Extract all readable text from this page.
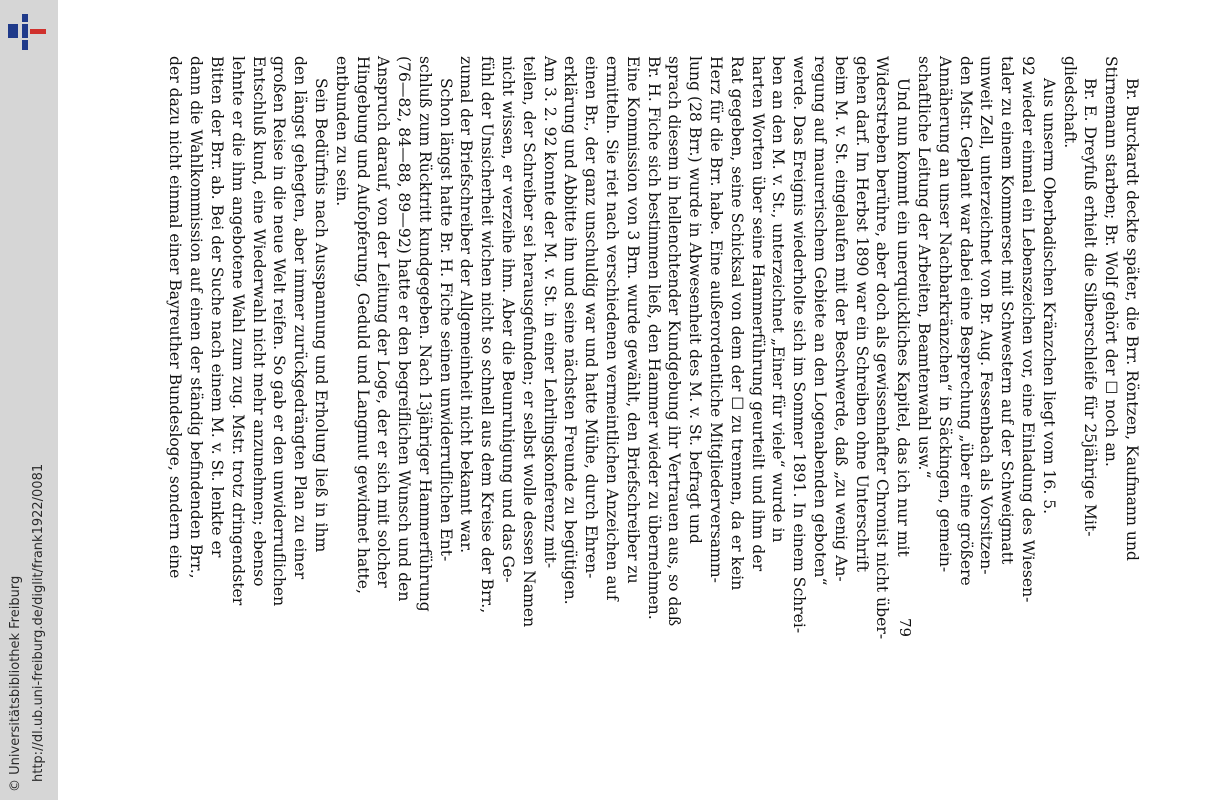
http://dl.ub.uni-freiburg.de/diglit/frank1922/0081
© Universitätsbibliothek Freiburg

Br. Burckardt deckte später, die Brr. Röntzen, Kaufmann und
Stirnemann starben; Br. Wolf gehört der ☐ noch an.

Br. E. Dreyfuß erhielt die Silberschleife für 25jährige Mit-
gliedschaft.

Aus unserm Oberbadischen Kränzchen liegt vom 16. 5.
92 wieder einmal ein Lebenszeichen vor, eine Einladung des Wiesen-
taler zu einem Kommerset mit Schwestern auf der Schweigmatt
unweit Zell, unterzeichnet von Br. Aug. Fessenbach als Vorsitzen-
den Mstr. Geplant war dabei eine Besprechung „über eine größere
Annäherung an unser Nachbarkränzchen“ in Säckingen, gemein-
schaftliche Leitung der Arbeiten, Beamtenwahl usw.“

Und nun kommt ein unerquickliches Kapitel, das ich nur mit
Widerstreben berühre, aber doch als gewissenhafter Chronist nicht über-
gehen darf. Im Herbst 1890 war ein Schreiben ohne Unterschrift
beim M. v. St. eingelaufen mit der Beschwerde, daß „zu wenig An-
regung auf maurerischem Gebiete an den Logenabenden geboten“
werde. Das Ereignis wiederholte sich im Sommer 1891. In einem Schrei-
ben an den M. v. St., unterzeichnet „Einer für viele“ wurde in
harten Worten über seine Hammerführung geurteilt und ihm der
Rat gegeben, seine Schicksal von dem der ☐ zu trennen, da er kein
Herz für die Brr. habe. Eine außerordentliche Mitgliederversamm-
lung (28 Brr.) wurde in Abwesenheit des M. v. St. befragt und
sprach diesem in hellenchtender Kundgebung ihr Vertrauen aus, so daß
Br. H. Fiche sich bestimmen ließ, den Hammer wieder zu übernehmen.
Eine Kommission von 3 Brn. wurde gewählt, den Briefschreiber zu
ermitteln. Sie riet nach verschiedenen vermeintlichen Anzeichen auf
einen Br., der ganz unschuldig war und hatte Mühe, durch Ehren-
erklärung und Abbitte ihn und seine nächsten Freunde zu begütigen.
Am 3. 2. 92 konnte der M. v. St. in einer Lehrlingskonferenz mit-
teilen, der Schreiber sei herausgefunden; er selbst wolle dessen Namen
nicht wissen, er verzeihe ihm. Aber die Beunruhigung und das Ge-
fühl der Unsicherheit wichen nicht so schnell aus dem Kreise der Brr.,
zumal der Briefschreiber der Allgemeinheit nicht bekannt war.

Schon längst hatte Br. H. Fiche seinen unwiderruflichen Ent-
schluß zum Rücktritt kundgegeben. Nach 13jähriger Hammerführung
(76—82, 84—88, 89—92) hatte er den begreiflichen Wunsch und den
Anspruch darauf, von der Leitung der Loge, der er sich mit solcher
Hingebung und Aufopferung, Geduld und Langmut gewidmet hatte,
entbunden zu sein.

Sein Bedürfnis nach Ausspannung und Erholung ließ in ihm
den längst gehegten, aber immer zurückgedrängten Plan zu einer
großen Reise in die neue Welt reifen. So gab er den unwiderruflichen
Entschluß kund, eine Wiederwahl nicht mehr anzunehmen; ebenso
lehnte er die ihm angebotene Wahl zum zug. Mstr. trotz dringendster
Bitten der Brr. ab. Bei der Suche nach einem M. v. St. lenkte er
dann die Wahlkommission auf einen der ständig befindenden Brr.,
der dazu nicht einmal einer Bayreuther Bundesloge, sondern eine

79
